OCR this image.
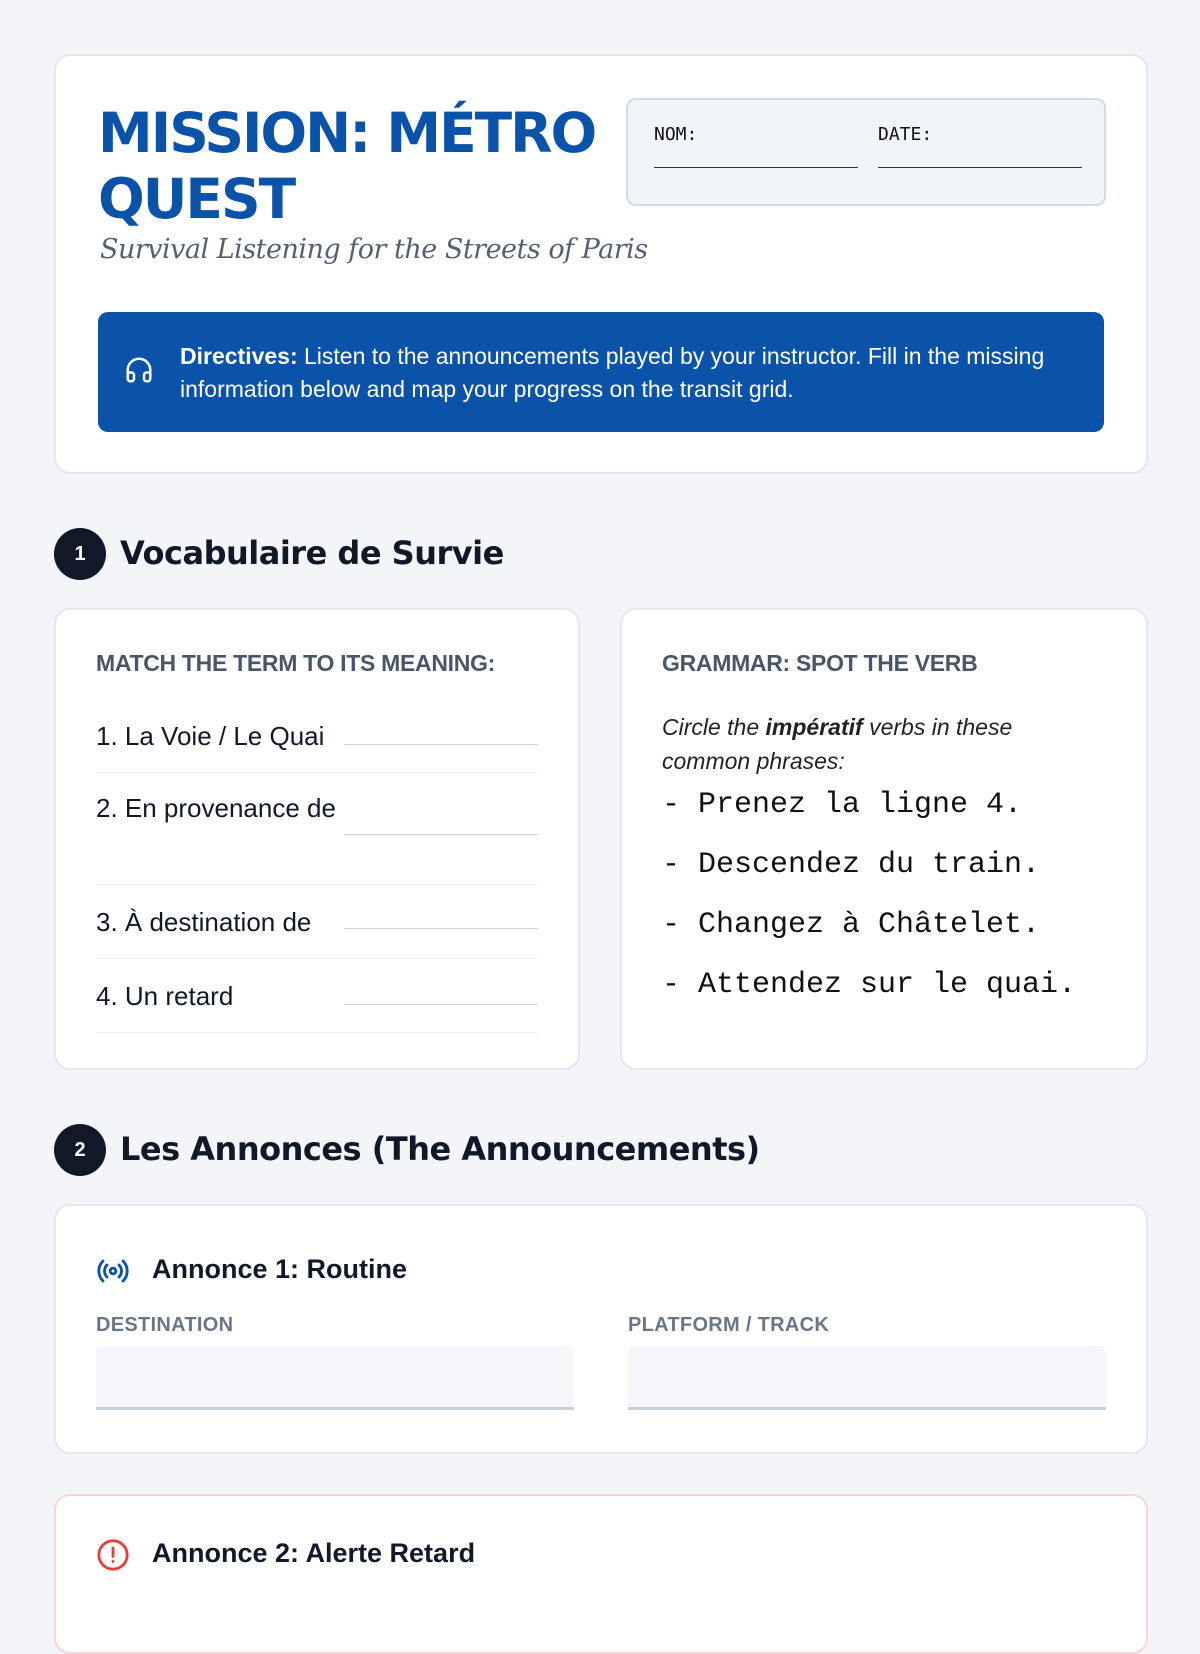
MISSION: MÉTRO QUEST
Survival Listening for the Streets of Paris
NOM:	DATE:
Directives: Listen to the announcements played by your instructor. Fill in the missing information below and map your progress on the transit grid.
1	Vocabulaire de Survie
MATCH THE TERM TO ITS MEANING:
1. La Voie / Le Quai
2. En provenance de
3. À destination de
4. Un retard
GRAMMAR: SPOT THE VERB
Circle the impératif verbs in these common phrases:
- Prenez la ligne 4.
- Descendez du train.
- Changez à Châtelet.
- Attendez sur le quai.
2	Les Annonces (The Announcements)
Annonce 1: Routine
DESTINATION	PLATFORM / TRACK
Annonce 2: Alerte Retard
